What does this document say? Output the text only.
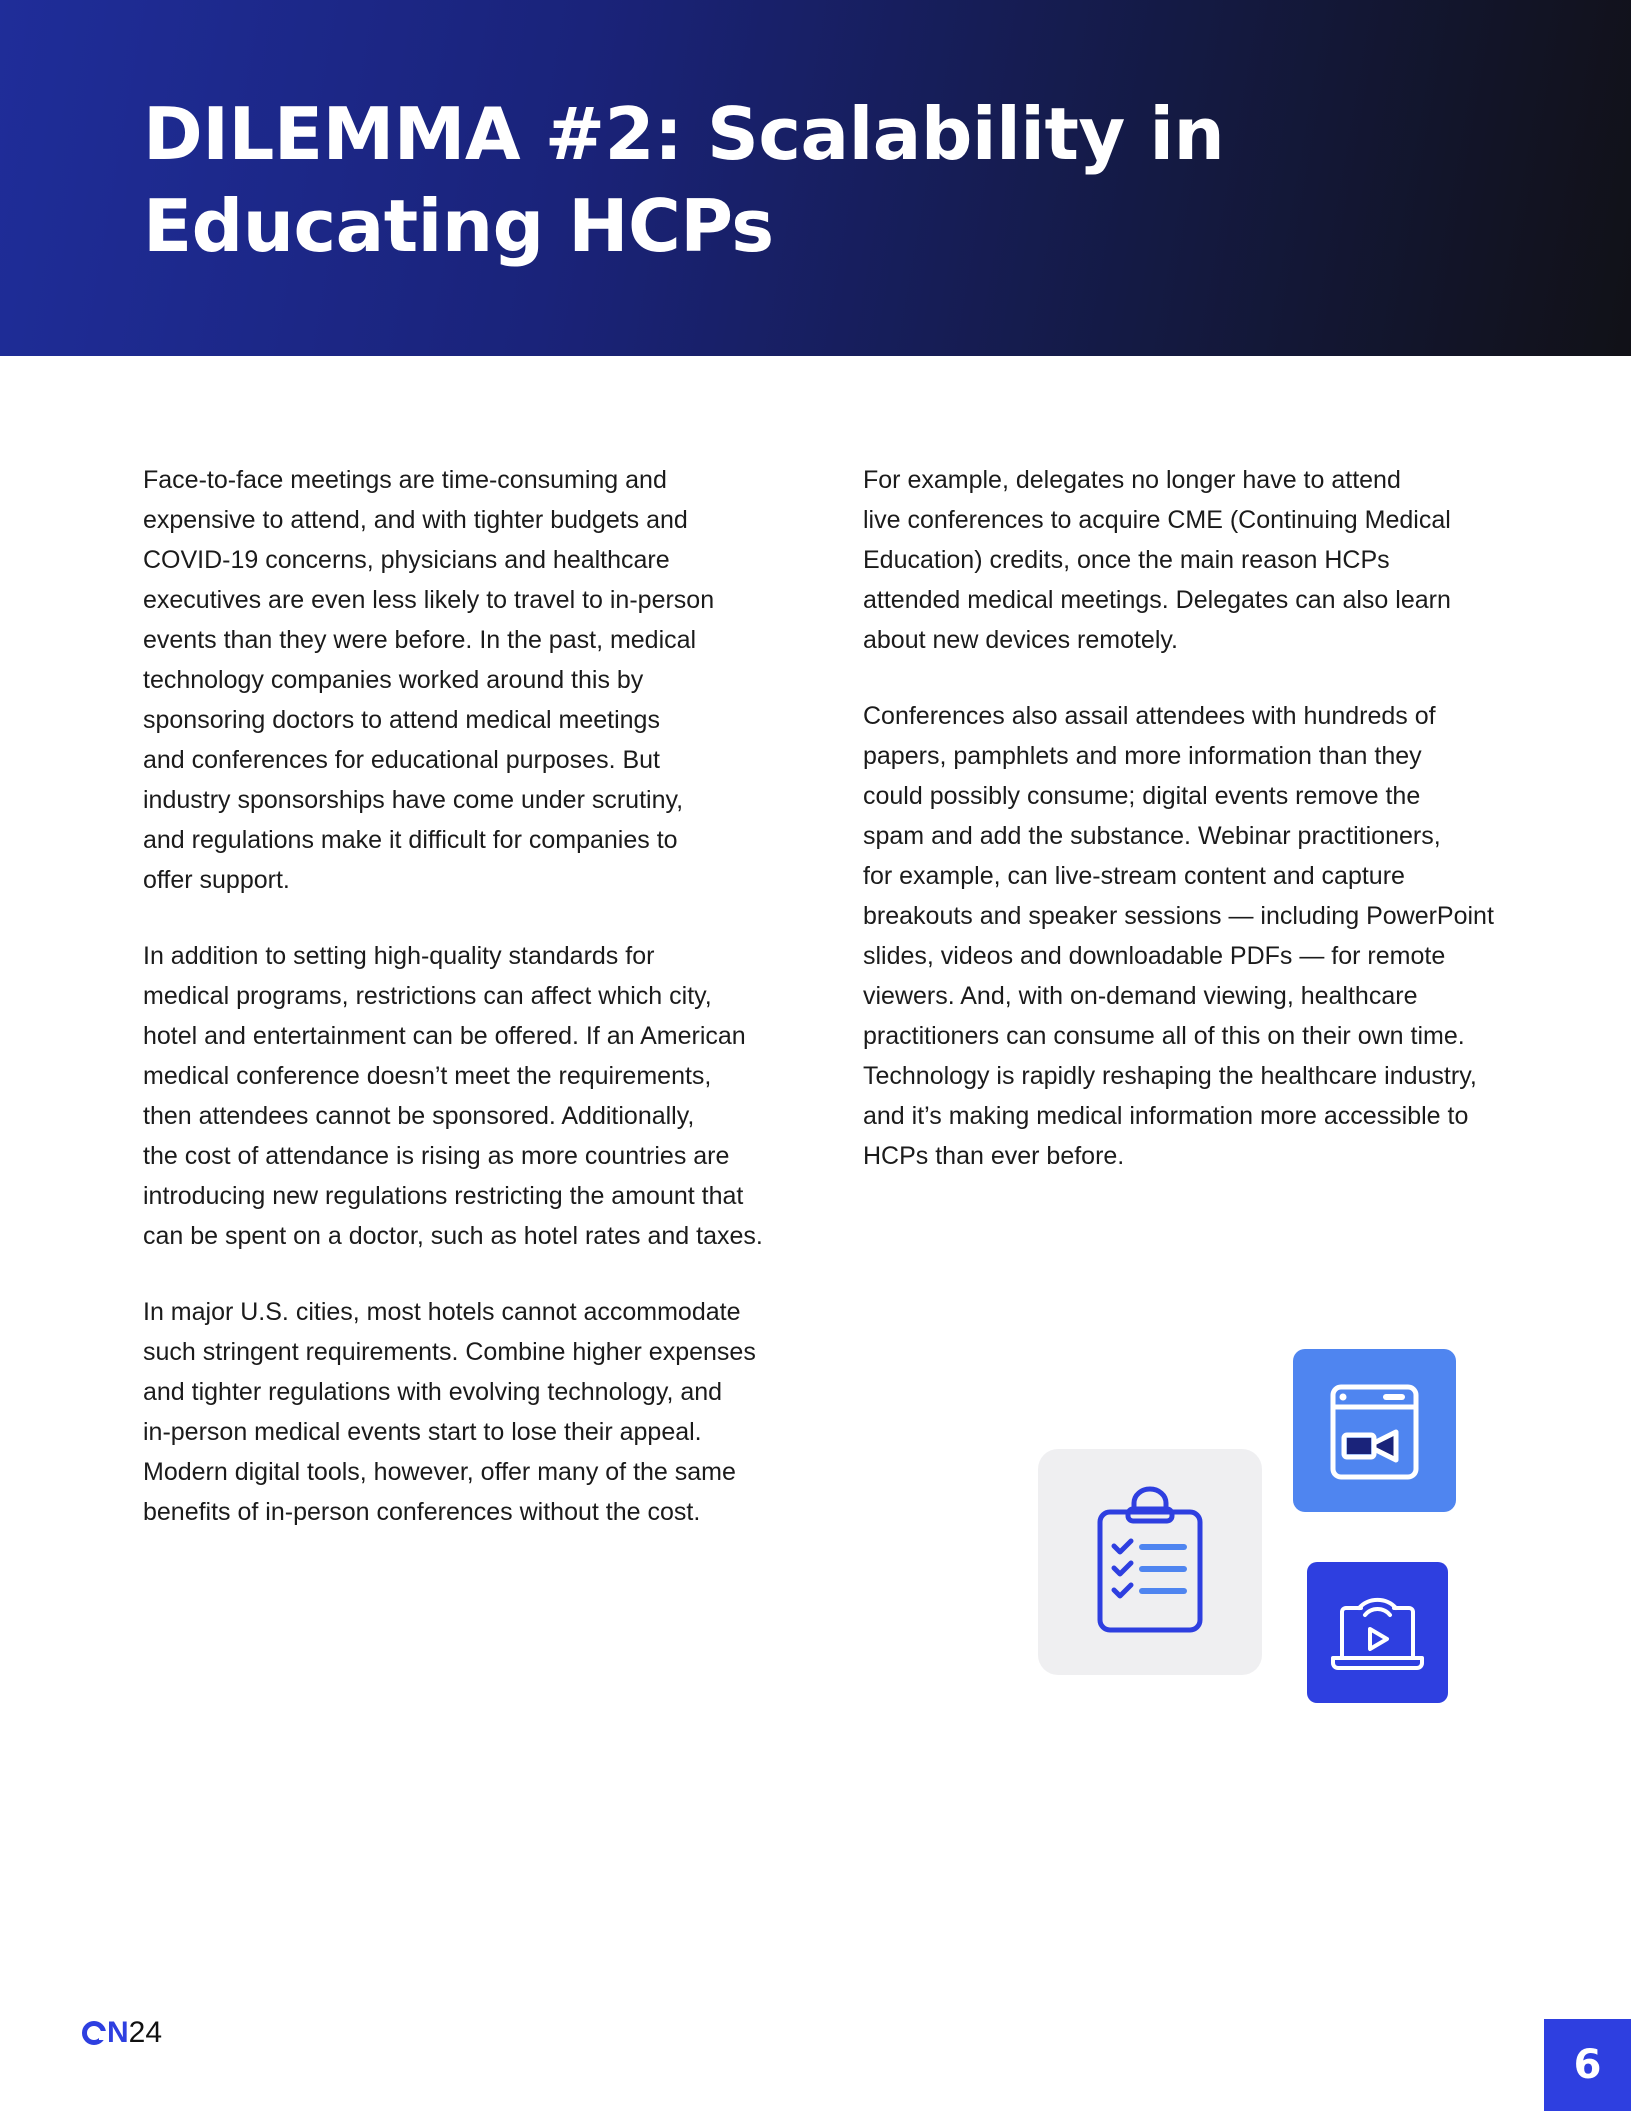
DILEMMA #2: Scalability in
Educating HCPs

Face-to-face meetings are time-consuming and
expensive to attend, and with tighter budgets and
COVID-19 concerns, physicians and healthcare
executives are even less likely to travel to in-person
events than they were before. In the past, medical
technology companies worked around this by
sponsoring doctors to attend medical meetings
and conferences for educational purposes. But
industry sponsorships have come under scrutiny,
and regulations make it difficult for companies to
offer support.

In addition to setting high-quality standards for
medical programs, restrictions can affect which city,
hotel and entertainment can be offered. If an American
medical conference doesn’t meet the requirements,
then attendees cannot be sponsored. Additionally,
the cost of attendance is rising as more countries are
introducing new regulations restricting the amount that
can be spent on a doctor, such as hotel rates and taxes.

In major U.S. cities, most hotels cannot accommodate
such stringent requirements. Combine higher expenses
and tighter regulations with evolving technology, and
in-person medical events start to lose their appeal.
Modern digital tools, however, offer many of the same
benefits of in-person conferences without the cost.

For example, delegates no longer have to attend
live conferences to acquire CME (Continuing Medical
Education) credits, once the main reason HCPs
attended medical meetings. Delegates can also learn
about new devices remotely.

Conferences also assail attendees with hundreds of
papers, pamphlets and more information than they
could possibly consume; digital events remove the
spam and add the substance. Webinar practitioners,
for example, can live-stream content and capture
breakouts and speaker sessions — including PowerPoint
slides, videos and downloadable PDFs — for remote
viewers. And, with on-demand viewing, healthcare
practitioners can consume all of this on their own time.
Technology is rapidly reshaping the healthcare industry,
and it’s making medical information more accessible to
HCPs than ever before.

N 24
6
